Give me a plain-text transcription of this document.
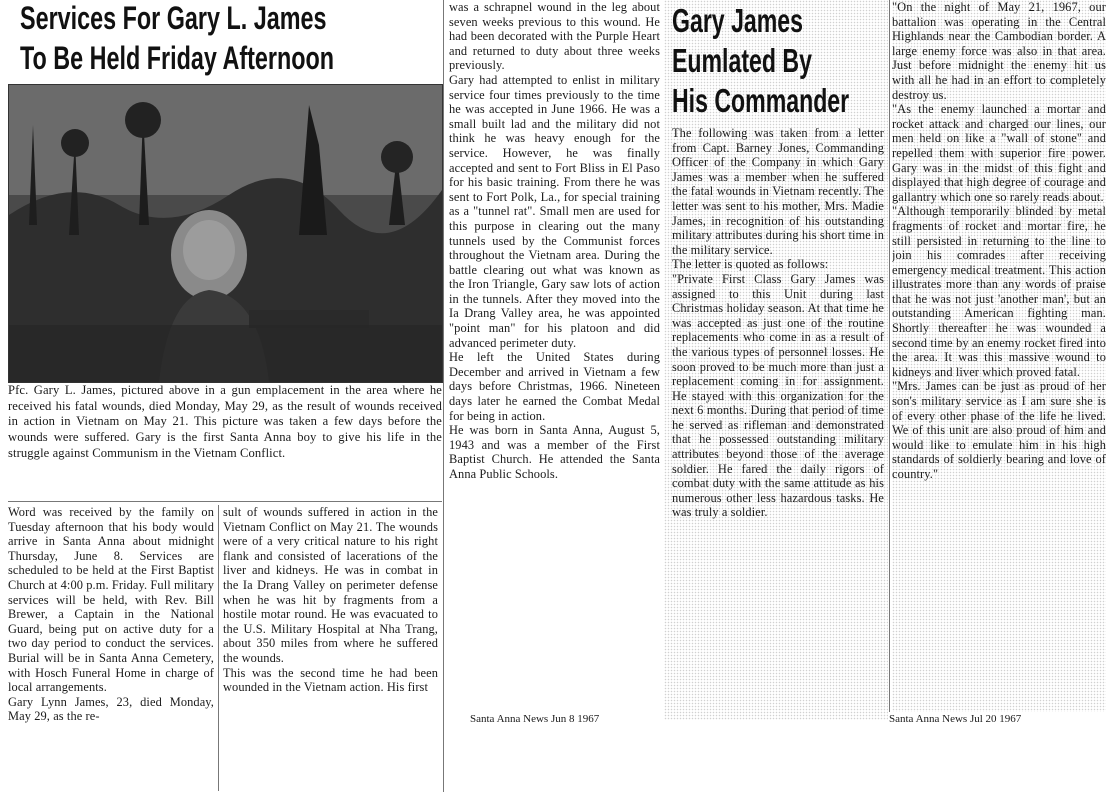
Services For Gary L. James
To Be Held Friday Afternoon

Pfc. Gary L. James, pictured above in a gun emplacement in the area where he received his fatal wounds, died Monday, May 29, as the result of wounds received in action in Vietnam on May 21. This picture was taken a few days before the wounds were suffered. Gary is the first Santa Anna boy to give his life in the struggle against Communism in the Vietnam Conflict.

Word was received by the family on Tuesday afternoon that his body would arrive in Santa Anna about midnight Thursday, June 8. Services are scheduled to be held at the First Baptist Church at 4:00 p.m. Friday. Full military services will be held, with Rev. Bill Brewer, a Captain in the National Guard, being put on active duty for a two day period to conduct the services. Burial will be in Santa Anna Cemetery, with Hosch Funeral Home in charge of local arrangements.
Gary Lynn James, 23, died Monday, May 29, as the re-

sult of wounds suffered in action in the Vietnam Conflict on May 21. The wounds were of a very critical nature to his right flank and consisted of lacerations of the liver and kidneys. He was in combat in the Ia Drang Valley on perimeter defense when he was hit by fragments from a hostile motar round. He was evacuated to the U.S. Military Hospital at Nha Trang, about 350 miles from where he suffered the wounds.
This was the second time he had been wounded in the Vietnam action. His first

was a schrapnel wound in the leg about seven weeks previous to this wound. He had been decorated with the Purple Heart and returned to duty about three weeks previously.
Gary had attempted to enlist in military service four times previously to the time he was accepted in June 1966. He was a small built lad and the military did not think he was heavy enough for the service. However, he was finally accepted and sent to Fort Bliss in El Paso for his basic training. From there he was sent to Fort Polk, La., for special training as a "tunnel rat". Small men are used for this purpose in clearing out the many tunnels used by the Communist forces throughout the Vietnam area. During the battle clearing out what was known as the Iron Triangle, Gary saw lots of action in the tunnels. After they moved into the Ia Drang Valley area, he was appointed "point man" for his platoon and did advanced perimeter duty.
He left the United States during December and arrived in Vietnam a few days before Christmas, 1966. Nineteen days later he earned the Combat Medal for being in action.
He was born in Santa Anna, August 5, 1943 and was a member of the First Baptist Church. He attended the Santa Anna Public Schools.

Santa Anna News Jun 8 1967
Gary James
Eumlated By
His Commander

The following was taken from a letter from Capt. Barney Jones, Commanding Officer of the Company in which Gary James was a member when he suffered the fatal wounds in Vietnam recently. The letter was sent to his mother, Mrs. Madie James, in recognition of his outstanding military attributes during his short time in the military service.
The letter is quoted as follows:
"Private First Class Gary James was assigned to this Unit during last Christmas holiday season. At that time he was accepted as just one of the routine replacements who come in as a result of the various types of personnel losses. He soon proved to be much more than just a replacement coming in for assignment. He stayed with this organization for the next 6 months. During that period of time he served as rifleman and demonstrated that he possessed outstanding military attributes beyond those of the average soldier. He fared the daily rigors of combat duty with the same attitude as his numerous other less hazardous tasks. He was truly a soldier.

"On the night of May 21, 1967, our battalion was operating in the Central Highlands near the Cambodian border. A large enemy force was also in that area. Just before midnight the enemy hit us with all he had in an effort to completely destroy us.
"As the enemy launched a mortar and rocket attack and charged our lines, our men held on like a "wall of stone" and repelled them with superior fire power. Gary was in the midst of this fight and displayed that high degree of courage and gallantry which one so rarely reads about.
"Although temporarily blinded by metal fragments of rocket and mortar fire, he still persisted in returning to the line to join his comrades after receiving emergency medical treatment. This action illustrates more than any words of praise that he was not just 'another man', but an outstanding American fighting man. Shortly thereafter he was wounded a second time by an enemy rocket fired into the area. It was this massive wound to kidneys and liver which proved fatal.
"Mrs. James can be just as proud of her son's military service as I am sure she is of every other phase of the life he lived. We of this unit are also proud of him and would like to emulate him in his high standards of soldierly bearing and love of country."

Santa Anna News Jul 20 1967
